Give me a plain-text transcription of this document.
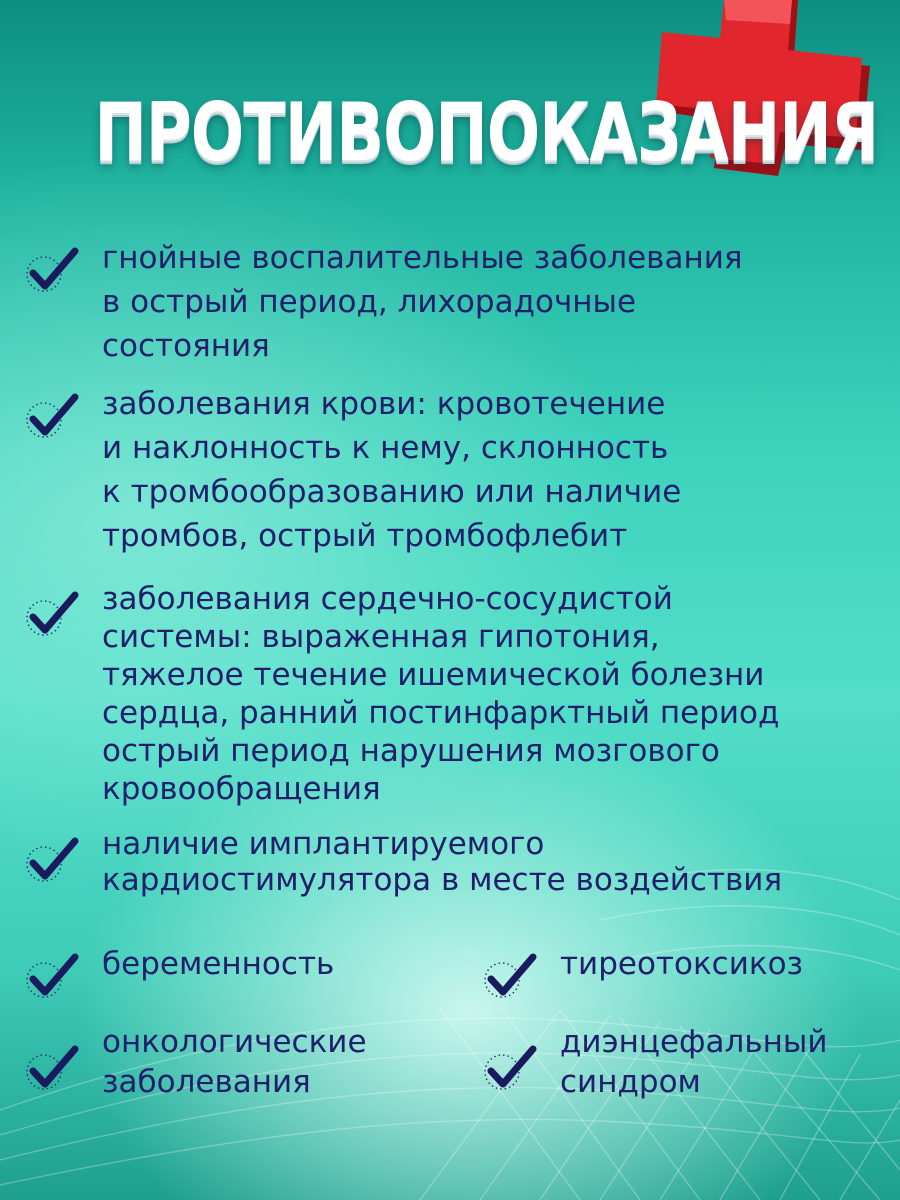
ПРОТИВОПОКАЗАНИЯ
гнойные воспалительные заболевания
в острый период, лихорадочные
состояния
заболевания крови: кровотечение
и наклонность к нему, склонность
к тромбообразованию или наличие
тромбов, острый тромбофлебит
заболевания сердечно-сосудистой
системы: выраженная гипотония,
тяжелое течение ишемической болезни
сердца, ранний постинфарктный период
острый период нарушения мозгового
кровообращения
наличие имплантируемого
кардиостимулятора в месте воздействия
беременность	тиреотоксикоз
онкологические
заболевания
диэнцефальный
синдром
